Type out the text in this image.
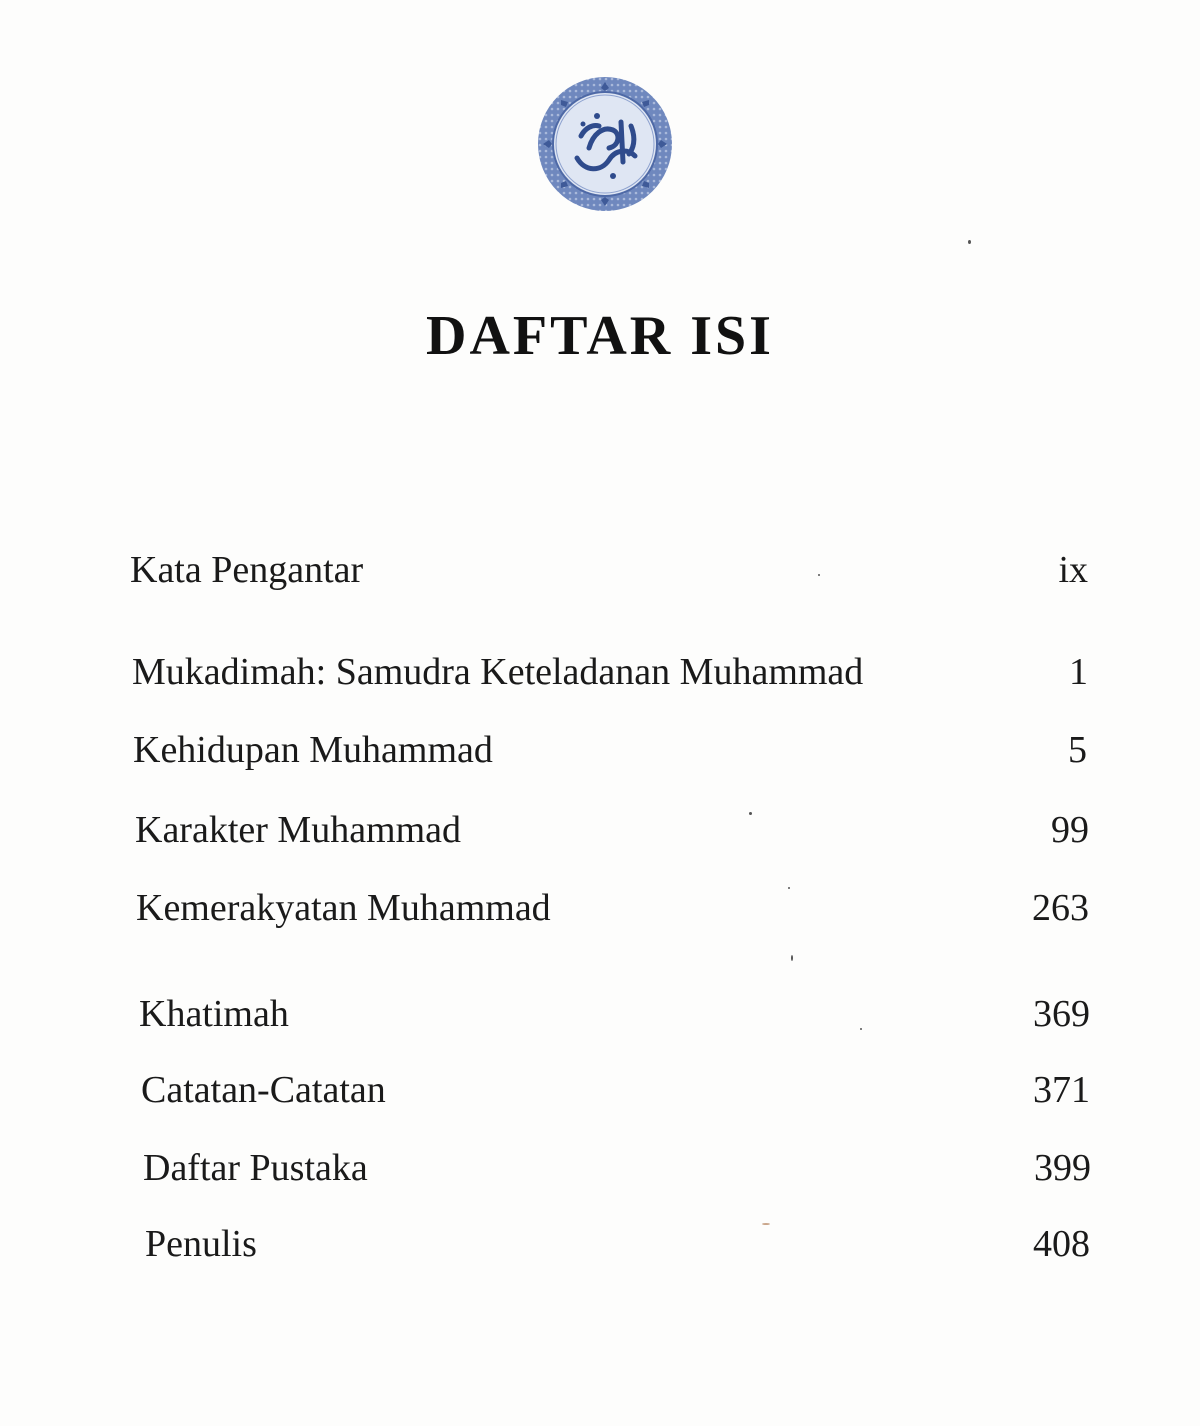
DAFTAR ISI
Kata Pengantar	ix
Mukadimah: Samudra Keteladanan Muhammad	1
Kehidupan Muhammad	5
Karakter Muhammad	99
Kemerakyatan Muhammad	263
Khatimah	369
Catatan-Catatan	371
Daftar Pustaka	399
Penulis	408
